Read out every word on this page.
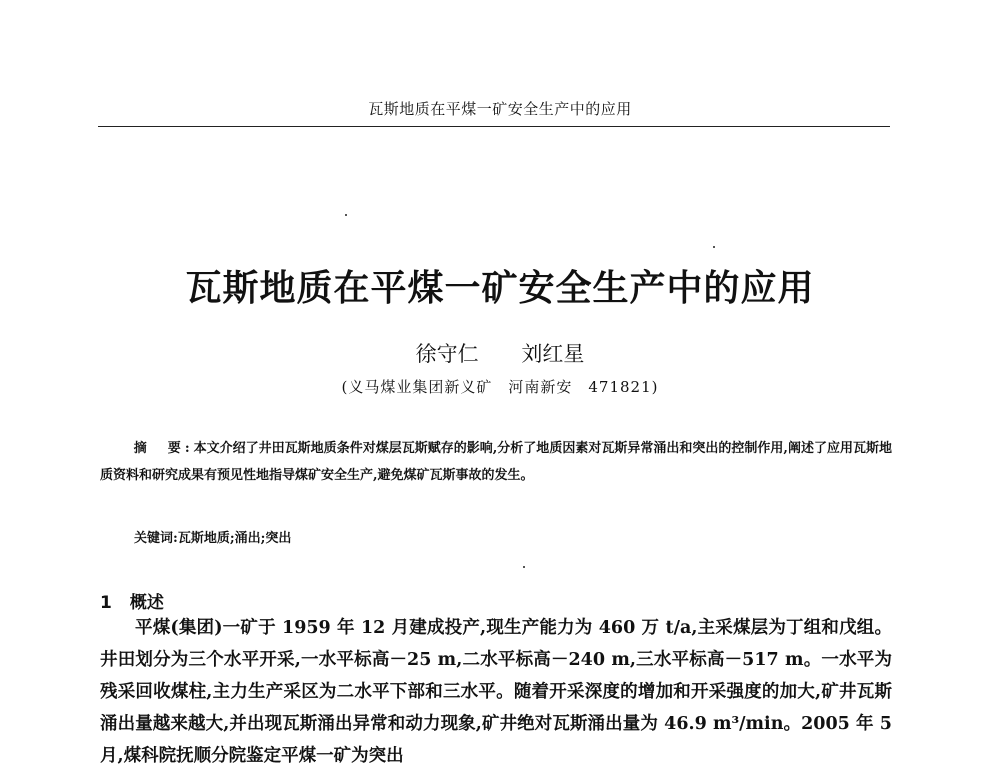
瓦斯地质在平煤一矿安全生产中的应用
瓦斯地质在平煤一矿安全生产中的应用
徐守仁 刘红星
(义马煤业集团新义矿　河南新安　471821)
摘　要:本文介绍了井田瓦斯地质条件对煤层瓦斯赋存的影响,分析了地质因素对瓦斯异常涌出和突出的控制作用,阐述了应用瓦斯地质资料和研究成果有预见性地指导煤矿安全生产,避免煤矿瓦斯事故的发生。
关键词:瓦斯地质;涌出;突出
1 概述
平煤(集团)一矿于 1959 年 12 月建成投产,现生产能力为 460 万 t/a,主采煤层为丁组和戊组。井田划分为三个水平开采,一水平标高－25 m,二水平标高－240 m,三水平标高－517 m。一水平为残采回收煤柱,主力生产采区为二水平下部和三水平。随着开采深度的增加和开采强度的加大,矿井瓦斯涌出量越来越大,并出现瓦斯涌出异常和动力现象,矿井绝对瓦斯涌出量为 46.9 m³/min。2005 年 5 月,煤科院抚顺分院鉴定平煤一矿为突出
